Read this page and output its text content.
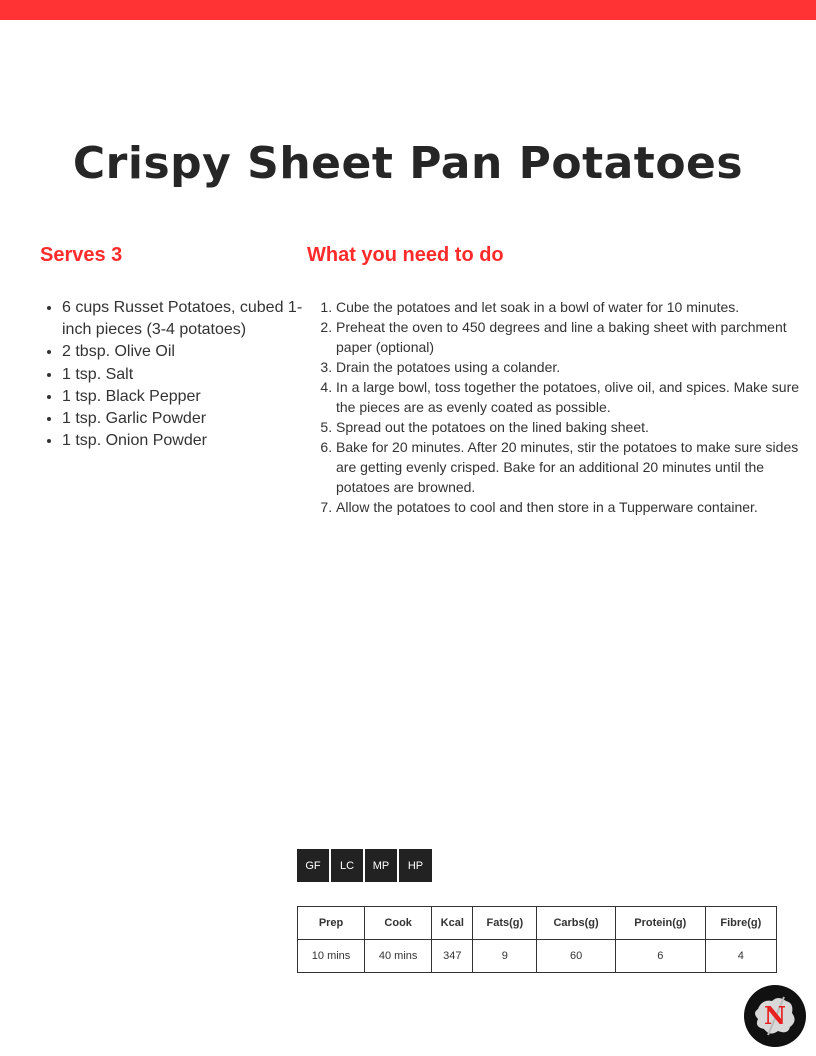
Crispy Sheet Pan Potatoes
Serves 3	What you need to do
• 6 cups Russet Potatoes, cubed 1-inch pieces (3-4 potatoes)
• 2 tbsp. Olive Oil
• 1 tsp. Salt
• 1 tsp. Black Pepper
• 1 tsp. Garlic Powder
• 1 tsp. Onion Powder
1. Cube the potatoes and let soak in a bowl of water for 10 minutes.
2. Preheat the oven to 450 degrees and line a baking sheet with parchment paper (optional)
3. Drain the potatoes using a colander.
4. In a large bowl, toss together the potatoes, olive oil, and spices. Make sure the pieces are as evenly coated as possible.
5. Spread out the potatoes on the lined baking sheet.
6. Bake for 20 minutes. After 20 minutes, stir the potatoes to make sure sides are getting evenly crisped. Bake for an additional 20 minutes until the potatoes are browned.
7. Allow the potatoes to cool and then store in a Tupperware container.
GF	LC	MP	HP
Prep	Cook	Kcal	Fats(g)	Carbs(g)	Protein(g)	Fibre(g)
10 mins	40 mins	347	9	60	6	4
N
